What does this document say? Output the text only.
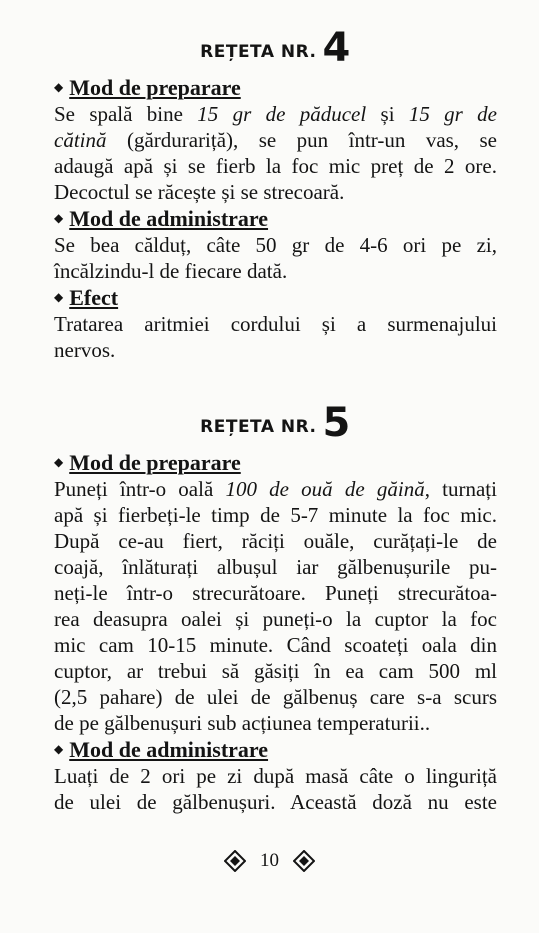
REȚETA NR. 4
◆ Mod de preparare
Se spală bine 15 gr de păducel și 15 gr de
cătină (gărdurariță), se pun într-un vas, se
adaugă apă și se fierb la foc mic preț de 2 ore.
Decoctul se răcește și se strecoară.
◆ Mod de administrare
Se bea călduț, câte 50 gr de 4-6 ori pe zi,
încălzindu-l de fiecare dată.
◆ Efect
Tratarea aritmiei cordului și a surmenajului
nervos.
REȚETA NR. 5
◆ Mod de preparare
Puneți într-o oală 100 de ouă de găină, turnați
apă și fierbeți-le timp de 5-7 minute la foc mic.
După ce-au fiert, răciți ouăle, curățați-le de
coajă, înlăturați albușul iar gălbenușurile pu-
neți-le într-o strecurătoare. Puneți strecurătoa-
rea deasupra oalei și puneți-o la cuptor la foc
mic cam 10-15 minute. Când scoateți oala din
cuptor, ar trebui să găsiți în ea cam 500 ml
(2,5 pahare) de ulei de gălbenuș care s-a scurs
de pe gălbenușuri sub acțiunea temperaturii..
◆ Mod de administrare
Luați de 2 ori pe zi după masă câte o linguriță
de ulei de gălbenușuri. Această doză nu este
10
